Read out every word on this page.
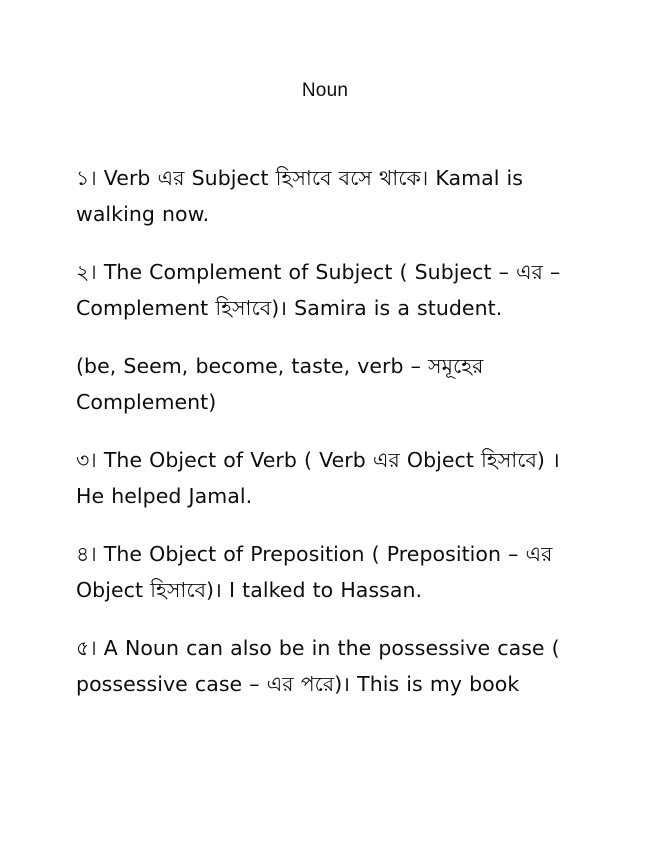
Noun

১। Verb এর Subject হিসাবে বসে থাকে। Kamal is walking now.

২। The Complement of Subject ( Subject – এর – Complement হিসাবে)। Samira is a student.

(be, Seem, become, taste, verb – সমূহের Complement)

৩। The Object of Verb ( Verb এর Object হিসাবে) । He helped Jamal.

৪। The Object of Preposition ( Preposition – এর Object হিসাবে)। I talked to Hassan.

৫। A Noun can also be in the possessive case ( possessive case – এর পরে)। This is my book
